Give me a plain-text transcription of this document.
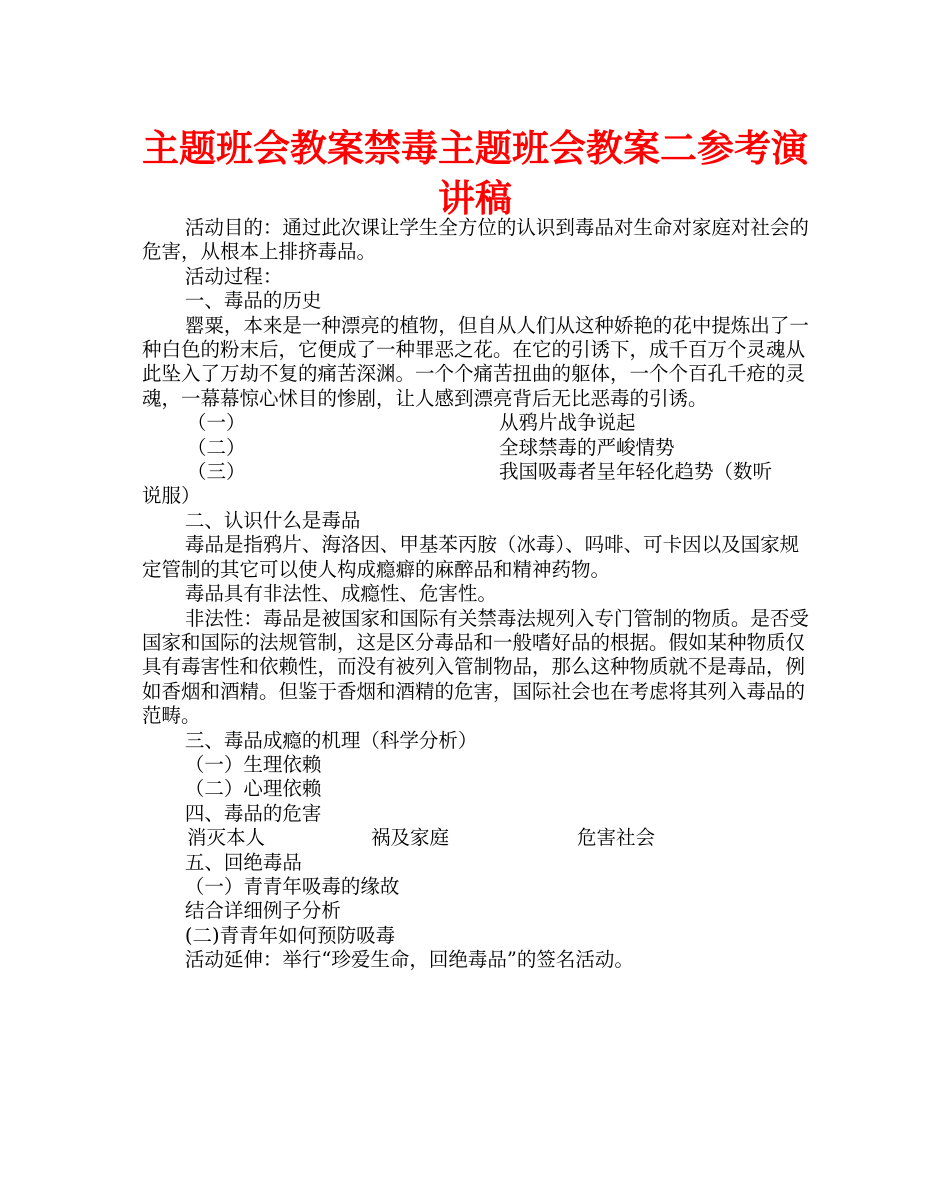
主题班会教案禁毒主题班会教案二参考演讲稿

活动目的：通过此次课让学生全方位的认识到毒品对生命对家庭对社会的危害，从根本上排挤毒品。

活动过程：

一、毒品的历史

罂粟，本来是一种漂亮的植物，但自从人们从这种娇艳的花中提炼出了一种白色的粉末后，它便成了一种罪恶之花。在它的引诱下，成千百万个灵魂从此坠入了万劫不复的痛苦深渊。一个个痛苦扭曲的躯体，一个个百孔千疮的灵魂，一幕幕惊心怵目的惨剧，让人感到漂亮背后无比恶毒的引诱。

（一）	从鸦片战争说起
（二）	全球禁毒的严峻情势
（三）	我国吸毒者呈年轻化趋势（数听

说服）

二、认识什么是毒品

毒品是指鸦片、海洛因、甲基苯丙胺（冰毒）、吗啡、可卡因以及国家规定管制的其它可以使人构成瘾癖的麻醉品和精神药物。

毒品具有非法性、成瘾性、危害性。

非法性：毒品是被国家和国际有关禁毒法规列入专门管制的物质。是否受国家和国际的法规管制，这是区分毒品和一般嗜好品的根据。假如某种物质仅具有毒害性和依赖性，而没有被列入管制物品，那么这种物质就不是毒品，例如香烟和酒精。但鉴于香烟和酒精的危害，国际社会也在考虑将其列入毒品的范畴。

三、毒品成瘾的机理（科学分析）

（一）生理依赖

（二）心理依赖

四、毒品的危害

消灭本人	祸及家庭	危害社会

五、回绝毒品

（一）青青年吸毒的缘故

结合详细例子分析

(二)青青年如何预防吸毒

活动延伸：举行“珍爱生命，回绝毒品”的签名活动。
